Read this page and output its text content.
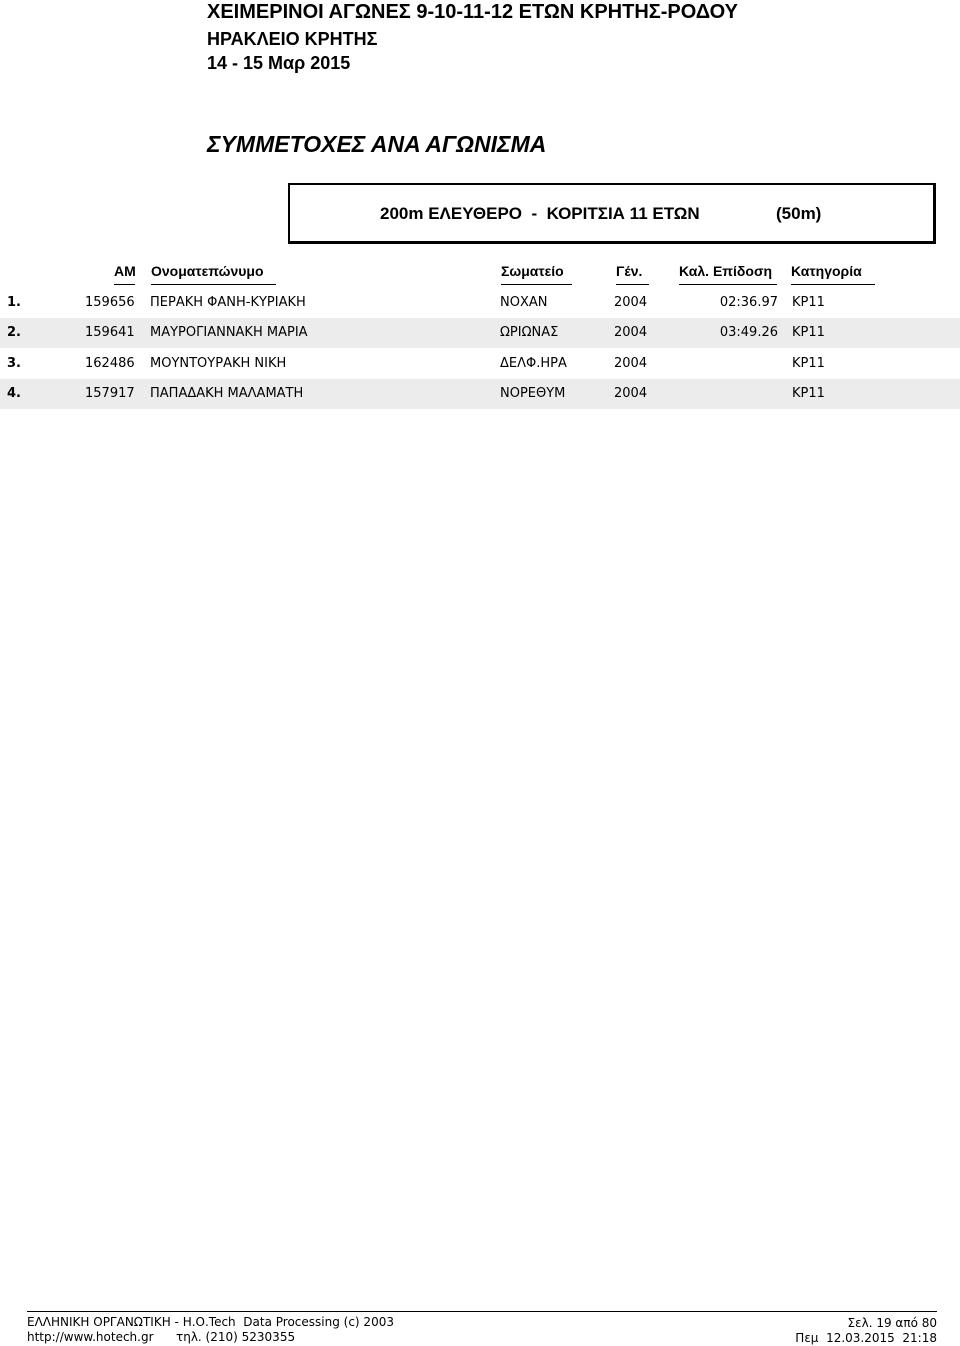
ΧΕΙΜΕΡΙΝΟΙ ΑΓΩΝΕΣ 9-10-11-12 ΕΤΩΝ ΚΡΗΤΗΣ-ΡΟΔΟΥ
ΗΡΑΚΛΕΙΟ ΚΡΗΤΗΣ
14 - 15 Μαρ 2015
ΣΥΜΜΕΤΟΧΕΣ ΑΝΑ ΑΓΩΝΙΣΜΑ
200m ΕΛΕΥΘΕΡΟ  -  ΚΟΡΙΤΣΙΑ 11 ΕΤΩΝ	(50m)
ΑΜ Ονοματεπώνυμο	Σωματείο	Γέν.	Καλ. Επίδοση Κατηγορία
1.	159656 ΠΕΡΑΚΗ ΦΑΝΗ-ΚΥΡΙΑΚΗ	ΝΟΧΑΝ	2004	02:36.97 ΚΡ11
2.	159641 ΜΑΥΡΟΓΙΑΝΝΑΚΗ ΜΑΡΙΑ	ΩΡΙΩΝΑΣ	2004	03:49.26 ΚΡ11
3.	162486 ΜΟΥΝΤΟΥΡΑΚΗ ΝΙΚΗ	ΔΕΛΦ.ΗΡΑ	2004	ΚΡ11
4.	157917 ΠΑΠΑΔΑΚΗ ΜΑΛΑΜΑΤΗ	ΝΟΡΕΘΥΜ	2004	ΚΡ11
ΕΛΛΗΝΙΚΗ ΟΡΓΑΝΩΤΙΚΗ - Η.Ο.Tech  Data Processing (c) 2003
http://www.hotech.gr τηλ. (210) 5230355
Σελ. 19 από 80
Πεμ  12.03.2015  21:18
